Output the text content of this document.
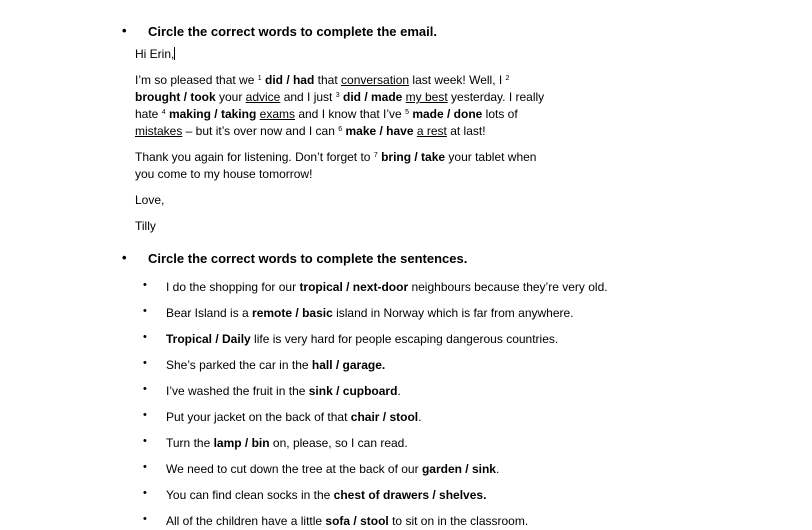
• Circle the correct words to complete the email.

Hi Erin,

I’m so pleased that we $^1$ did / had that conversation last week! Well, I $^2$
brought / took your advice and I just $^3$ did / made my best yesterday. I really
hate $^4$ making / taking exams and I know that I’ve $^5$ made / done lots of
mistakes – but it’s over now and I can $^6$ make / have a rest at last!

Thank you again for listening. Don’t forget to $^7$ bring / take your tablet when
you come to my house tomorrow!

Love,

Tilly

• Circle the correct words to complete the sentences.
• I do the shopping for our tropical / next-door neighbours because they’re very old.
• Bear Island is a remote / basic island in Norway which is far from anywhere.
• Tropical / Daily life is very hard for people escaping dangerous countries.
• She’s parked the car in the hall / garage.
• I’ve washed the fruit in the sink / cupboard.
• Put your jacket on the back of that chair / stool.
• Turn the lamp / bin on, please, so I can read.
• We need to cut down the tree at the back of our garden / sink.
• You can find clean socks in the chest of drawers / shelves.
• All of the children have a little sofa / stool to sit on in the classroom.
